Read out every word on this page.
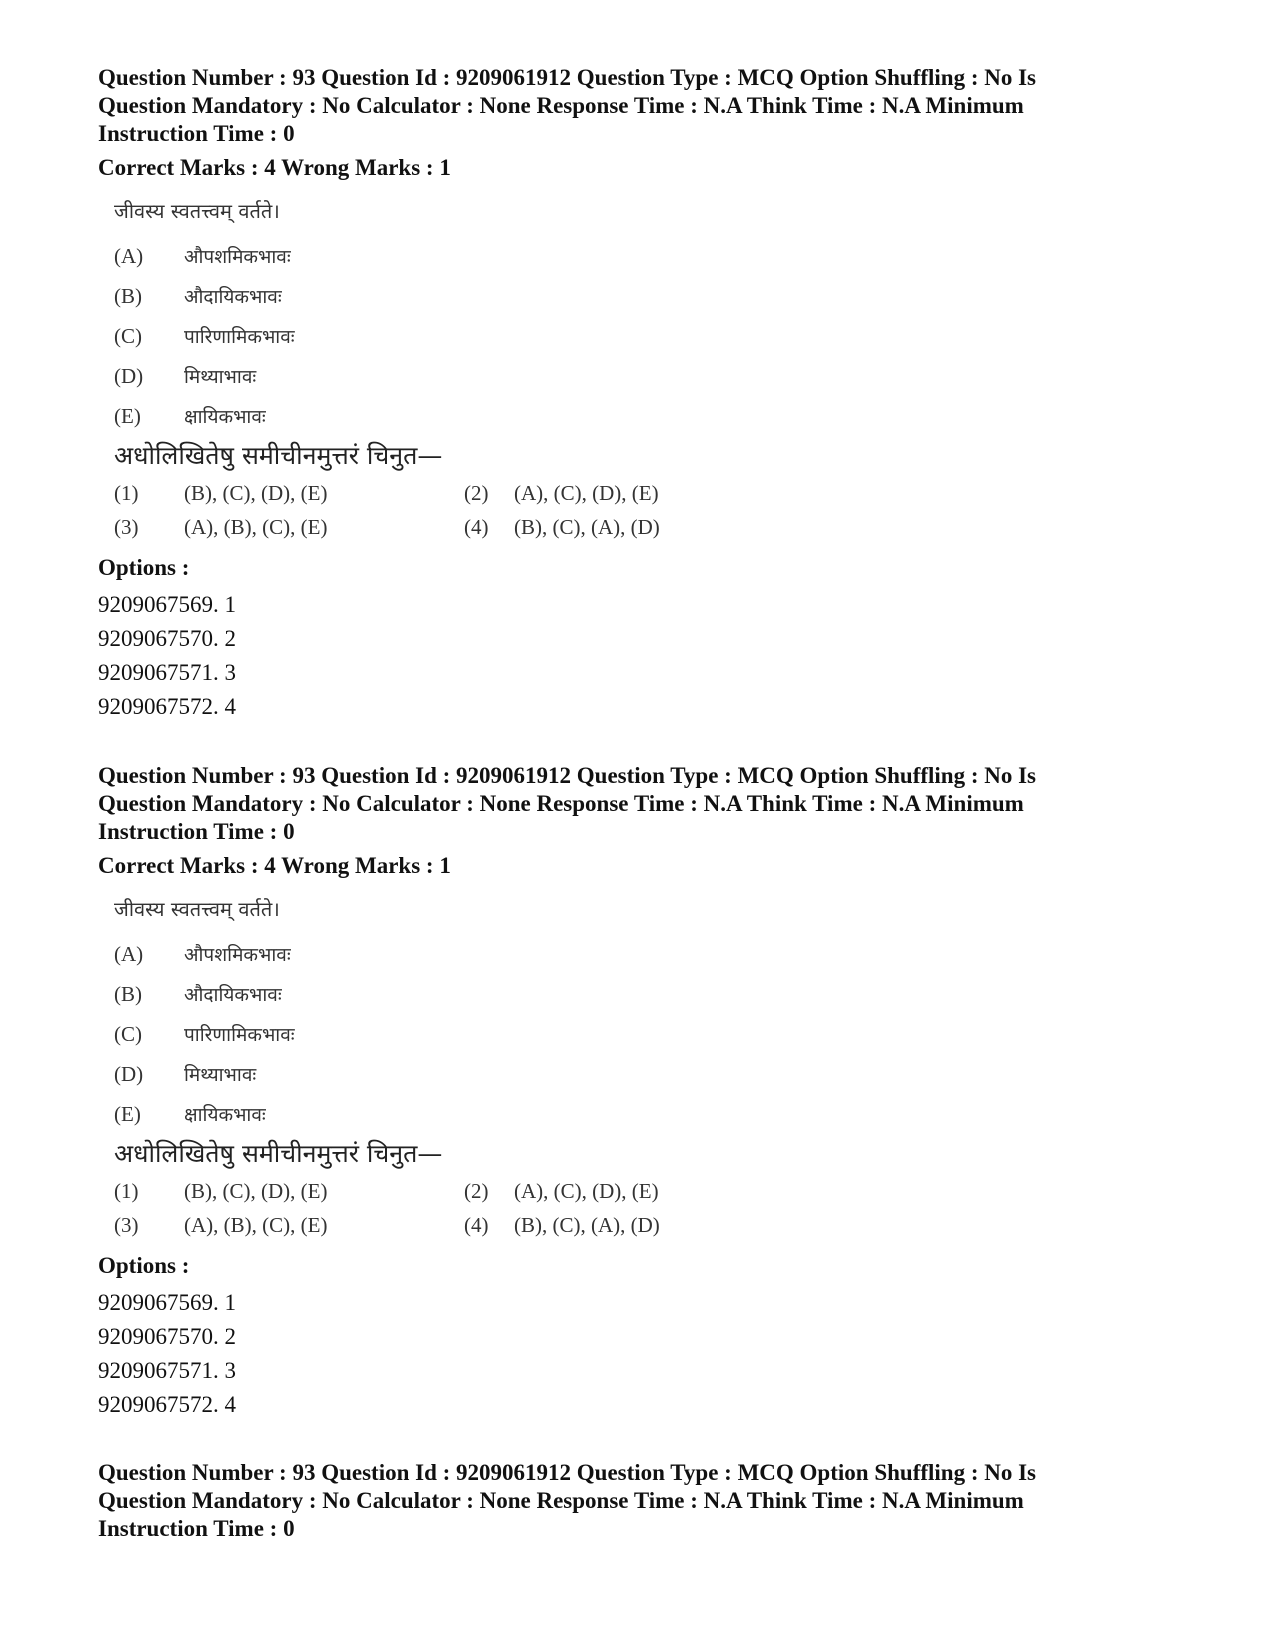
Question Number : 93 Question Id : 9209061912 Question Type : MCQ Option Shuffling : No Is

Question Mandatory : No Calculator : None Response Time : N.A Think Time : N.A Minimum

Instruction Time : 0

Correct Marks : 4 Wrong Marks : 1

जीवस्य स्वतत्त्वम् वर्तते।

(A)	औपशमिकभावः
(B)	औदायिकभावः
(C)	पारिणामिकभावः
(D)	मिथ्याभावः
(E)	क्षायिकभावः

अधोलिखितेषु समीचीनमुत्तरं चिनुत—

(1)	(B), (C), (D), (E)	(2)	(A), (C), (D), (E)
(3)	(A), (B), (C), (E)	(4)	(B), (C), (A), (D)

Options :

9209067569. 1

9209067570. 2

9209067571. 3

9209067572. 4

Question Number : 93 Question Id : 9209061912 Question Type : MCQ Option Shuffling : No Is

Question Mandatory : No Calculator : None Response Time : N.A Think Time : N.A Minimum

Instruction Time : 0

Correct Marks : 4 Wrong Marks : 1

जीवस्य स्वतत्त्वम् वर्तते।

(A)	औपशमिकभावः
(B)	औदायिकभावः
(C)	पारिणामिकभावः
(D)	मिथ्याभावः
(E)	क्षायिकभावः

अधोलिखितेषु समीचीनमुत्तरं चिनुत—

(1)	(B), (C), (D), (E)	(2)	(A), (C), (D), (E)
(3)	(A), (B), (C), (E)	(4)	(B), (C), (A), (D)

Options :

9209067569. 1

9209067570. 2

9209067571. 3

9209067572. 4

Question Number : 93 Question Id : 9209061912 Question Type : MCQ Option Shuffling : No Is

Question Mandatory : No Calculator : None Response Time : N.A Think Time : N.A Minimum

Instruction Time : 0
